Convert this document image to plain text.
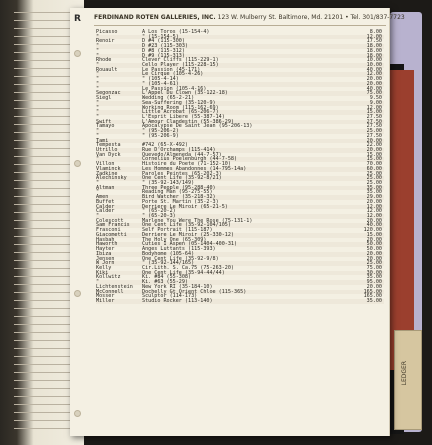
LEDGER
R FERDINAND ROTEN GALLERIES, INC. 123 W. Mulberry St. Baltimore, Md. 21201 • Tel. 301/837-7723
Picasso	A Los Toros (15-154-4)	8.00
"	" (15-154-5)	12.00
Renoir	D #4 (115-300)	17.50
"	D #23 (115-303)	18.00
"	D #8 (115-312)	18.00
"	D #9 (115-313)	18.00
Rhode	Clever Cliffs (115-229-1)	10.00
"	Cello Player (115-228-15)	10.00
Rouault	Le Passion (45-171)	40.00
"	Le Cirque (105-4-26)	12.00
"	" (105-4-14)	20.00
"	" (105-4-61)	20.00
"	Le Passion (105-4-16)	40.00
Segonzac	L'Appel Du Clown (35-122-18)	75.00
Siegl	Wedding (65-2-21)	9.50
"	Sea-Suffering (35-120-9)	9.00
"	Working Room (115-162-69)	12.00
"	Little Acrobat (65-206-7)	15.00
"	L'Esprit Libere (55-387-14)	27.50
Swift	L'Amour Clandestin (55-386-29)	27.50
Tamayo	Apocalypse De Saint Jean (95-206-13)	27.50
"	" (95-206-2)	25.00
"	" (95-206-9)	27.50
Tami	20.00
Tempesta	#742 (65-X-492)	22.00
Utrillo	Rue D'Orchamps (115-414)	20.00
Van Dyck	Quevedo/Almeneda (44-7-57)	15.00
"	Cornelius Poelenburgh (44-7-58)	15.00
Villon	Histoire du Poete (71-152-10)	70.00
Vlaminck	Les Hommes Abandonnes (14-795-14a)	60.00
Zadkine	Paroles Peintes (65-202-3)	25.00
Alechinsky	One Cent Life (35-92-8/21)	25.00
"	" (35-92-143/149)	25.00
Altman	Three People (95-288-40)	35.00
"	Reading Man (95-275-55)	35.00
Amen	Bird Watcher (35-218-32)	29.00
Buffet	Porte St. Martin (35-2-3)	20.00
Calder	Derriere Le Miroir (65-21-5)	12.00
Calder	" (65-20-2)	12.00
"	" (65-20-3)	12.00
Colescott	Marlene You Were The Rose (75-131-1)	20.00
Sam Francis	One Cent Life (35-92-104/105)	40.00
Frasconi	Self Portrait (115-187)	120.00
Giacometti	Derriere Le Miroir (25-330-12)	15.00
Hasbah	The Holy One (65-309)	20.00
Haworth	Cuties I Aspen (05-1404-400-31)	50.00
Hayter	Anges Luttants (115-393)	50.00
Ibiza	Bodyhome (105-64)	20.00
Jensen	One Cent Life (35-92-9/8)	20.00
W Jorn	" (35-92-144/165)	25.00
Kelly	Cir.Lith. S. Ca.75 (75-263-20)	75.00
Kiki	One Cent Life (35-94-44/44)	30.00
Kollwitz	Ki. #84 (55-308)	35.00
"	Ki. #63 (55-29)	95.00
Lichtenstein	New York RI (35-184-10)	20.00
McConnell	Dochelly Gt Orient Chloe (115-365)	165.00
Mosser	Sculptor (114-173)	165.00
Miller	Studio Rocker (113-140)	35.00
